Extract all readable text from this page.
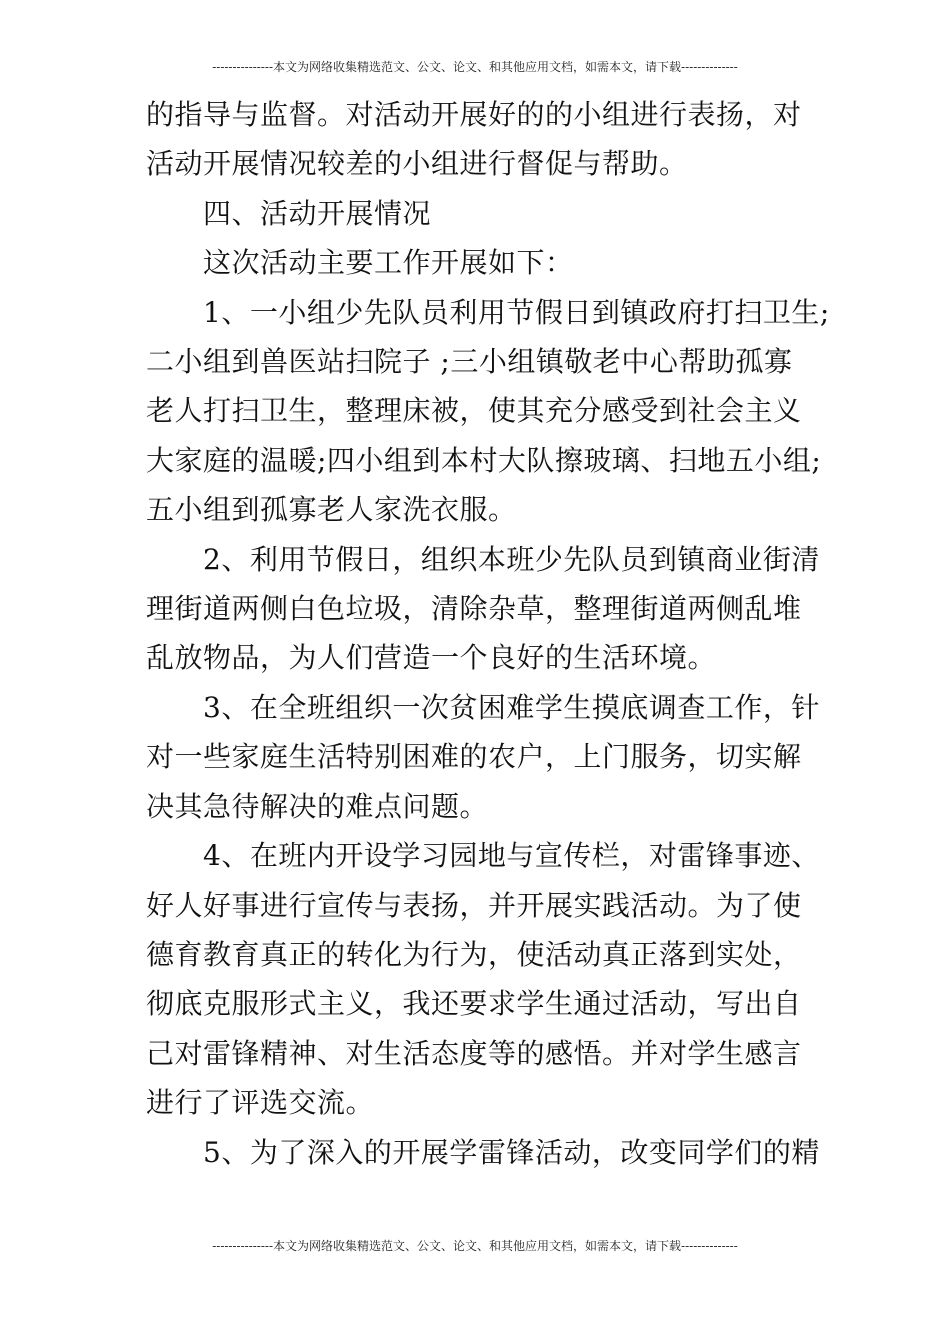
---------------本文为网络收集精选范文、公文、论文、和其他应用文档，如需本文，请下载--------------

的指导与监督。对活动开展好的的小组进行表扬，对

活动开展情况较差的小组进行督促与帮助。

四、活动开展情况

这次活动主要工作开展如下：

1、一小组少先队员利用节假日到镇政府打扫卫生;

二小组到兽医站扫院子 ;三小组镇敬老中心帮助孤寡

老人打扫卫生，整理床被，使其充分感受到社会主义

大家庭的温暖;四小组到本村大队擦玻璃、扫地五小组;

五小组到孤寡老人家洗衣服。

2、利用节假日，组织本班少先队员到镇商业街清

理街道两侧白色垃圾，清除杂草，整理街道两侧乱堆

乱放物品，为人们营造一个良好的生活环境。

3、在全班组织一次贫困难学生摸底调查工作，针

对一些家庭生活特别困难的农户，上门服务，切实解

决其急待解决的难点问题。

4、在班内开设学习园地与宣传栏，对雷锋事迹、

好人好事进行宣传与表扬，并开展实践活动。为了使

德育教育真正的转化为行为，使活动真正落到实处，

彻底克服形式主义，我还要求学生通过活动，写出自

己对雷锋精神、对生活态度等的感悟。并对学生感言

进行了评选交流。

5、为了深入的开展学雷锋活动，改变同学们的精

---------------本文为网络收集精选范文、公文、论文、和其他应用文档，如需本文，请下载--------------
